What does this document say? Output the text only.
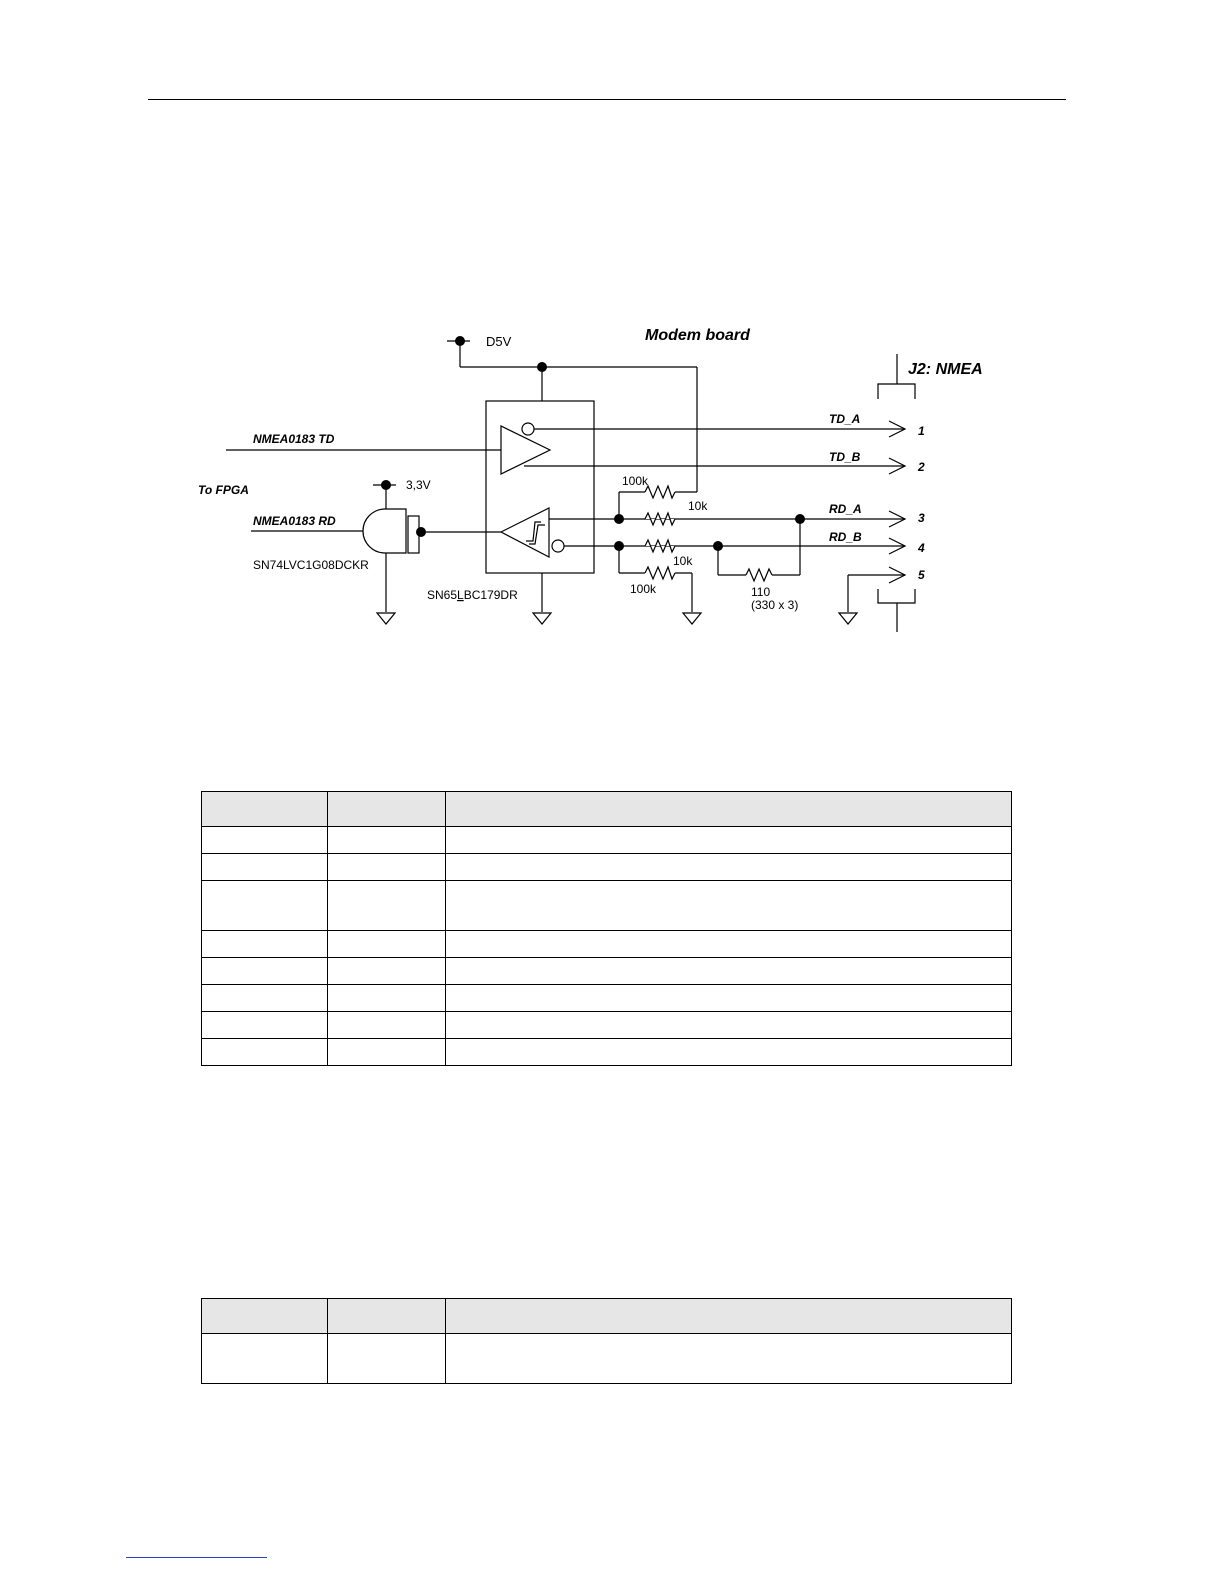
Modem board
D5V
J2: NMEA
NMEA0183 TD
To FPGA	3,3V
NMEA0183 RD
SN74LVC1G08DCKR
SN65LBC179DR
TD_A
TD_B
RD_A
RD_B
1
2
3
4
5
100k
10k
10k
100k	110
(330 x 3)
